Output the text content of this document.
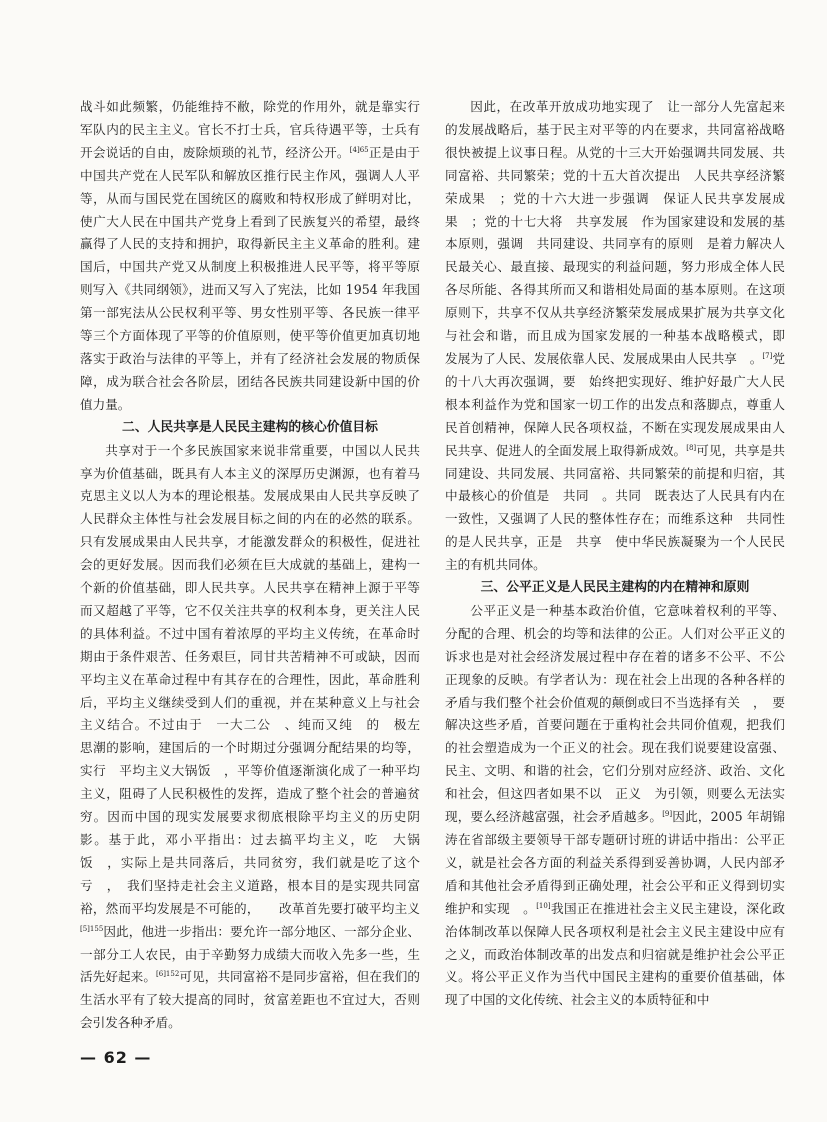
战斗如此频繁，仍能维持不敝，除党的作用外，就是靠实行军队内的民主主义。官长不打士兵，官兵待遇平等，士兵有开会说话的自由，废除烦琐的礼节，经济公开。$^{[4]65}$正是由于中国共产党在人民军队和解放区推行民主作风，强调人人平等，从而与国民党在国统区的腐败和特权形成了鲜明对比，使广大人民在中国共产党身上看到了民族复兴的希望，最终赢得了人民的支持和拥护，取得新民主主义革命的胜利。建国后，中国共产党又从制度上积极推进人民平等，将平等原则写入《共同纲领》，进而又写入了宪法，比如 1954 年我国第一部宪法从公民权利平等、男女性别平等、各民族一律平等三个方面体现了平等的价值原则，使平等价值更加真切地落实于政治与法律的平等上，并有了经济社会发展的物质保障，成为联合社会各阶层，团结各民族共同建设新中国的价值力量。

二、人民共享是人民民主建构的核心价值目标

共享对于一个多民族国家来说非常重要，中国以人民共享为价值基础，既具有人本主义的深厚历史渊源，也有着马克思主义以人为本的理论根基。发展成果由人民共享反映了人民群众主体性与社会发展目标之间的内在的必然的联系。只有发展成果由人民共享，才能激发群众的积极性，促进社会的更好发展。因而我们必须在巨大成就的基础上，建构一个新的价值基础，即人民共享。人民共享在精神上源于平等而又超越了平等，它不仅关注共享的权利本身，更关注人民的具体利益。不过中国有着浓厚的平均主义传统，在革命时期由于条件艰苦、任务艰巨，同甘共苦精神不可或缺，因而平均主义在革命过程中有其存在的合理性，因此，革命胜利后，平均主义继续受到人们的重视，并在某种意义上与社会主义结合。不过由于　一大二公　、纯而又纯　的　极左　思潮的影响，建国后的一个时期过分强调分配结果的均等，实行　平均主义大锅饭　，平等价值逐渐演化成了一种平均主义，阻碍了人民积极性的发挥，造成了整个社会的普遍贫穷。因而中国的现实发展要求彻底根除平均主义的历史阴影。基于此，邓小平指出：过去搞平均主义，吃　大锅饭　，实际上是共同落后，共同贫穷，我们就是吃了这个亏　，　我们坚持走社会主义道路，根本目的是实现共同富裕，然而平均发展是不可能的，　　改革首先要打破平均主义$^{[5]155}$因此，他进一步指出：要允许一部分地区、一部分企业、一部分工人农民，由于辛勤努力成绩大而收入先多一些，生活先好起来。$^{[6]152}$可见，共同富裕不是同步富裕，但在我们的生活水平有了较大提高的同时，贫富差距也不宜过大，否则会引发各种矛盾。

因此，在改革开放成功地实现了　让一部分人先富起来　的发展战略后，基于民主对平等的内在要求，共同富裕战略很快被提上议事日程。从党的十三大开始强调共同发展、共同富裕、共同繁荣；党的十五大首次提出　人民共享经济繁荣成果　；党的十六大进一步强调　保证人民共享发展成果　；党的十七大将　共享发展　作为国家建设和发展的基本原则，强调　共同建设、共同享有的原则　是着力解决人民最关心、最直接、最现实的利益问题，努力形成全体人民各尽所能、各得其所而又和谐相处局面的基本原则。在这项原则下，共享不仅从共享经济繁荣发展成果扩展为共享文化与社会和谐，而且成为国家发展的一种基本战略模式，即　发展为了人民、发展依靠人民、发展成果由人民共享　。[7]党的十八大再次强调，要　始终把实现好、维护好最广大人民根本利益作为党和国家一切工作的出发点和落脚点，尊重人民首创精神，保障人民各项权益，不断在实现发展成果由人民共享、促进人的全面发展上取得新成效。[8]可见，共享是共同建设、共同发展、共同富裕、共同繁荣的前提和归宿，其中最核心的价值是　共同　。共同　既表达了人民具有内在一致性，又强调了人民的整体性存在；而维系这种　共同性　的是人民共享，正是　共享　使中华民族凝聚为一个人民民主的有机共同体。

三、公平正义是人民民主建构的内在精神和原则

公平正义是一种基本政治价值，它意味着权利的平等、分配的合理、机会的均等和法律的公正。人们对公平正义的诉求也是对社会经济发展过程中存在着的诸多不公平、不公正现象的反映。有学者认为：现在社会上出现的各种各样的矛盾与我们整个社会价值观的颠倒或曰不当选择有关　，　要解决这些矛盾，首要问题在于重构社会共同价值观，把我们的社会塑造成为一个正义的社会。现在我们说要建设富强、民主、文明、和谐的社会，它们分别对应经济、政治、文化和社会，但这四者如果不以　正义　为引领，则要么无法实现，要么经济越富强，社会矛盾越多。[9]因此，2005 年胡锦涛在省部级主要领导干部专题研讨班的讲话中指出：公平正义，就是社会各方面的利益关系得到妥善协调，人民内部矛盾和其他社会矛盾得到正确处理，社会公平和正义得到切实维护和实现　。[10]我国正在推进社会主义民主建设，深化政治体制改革以保障人民各项权利是社会主义民主建设中应有之义，而政治体制改革的出发点和归宿就是维护社会公平正义。将公平正义作为当代中国民主建构的重要价值基础，体现了中国的文化传统、社会主义的本质特征和中

— 62 —
